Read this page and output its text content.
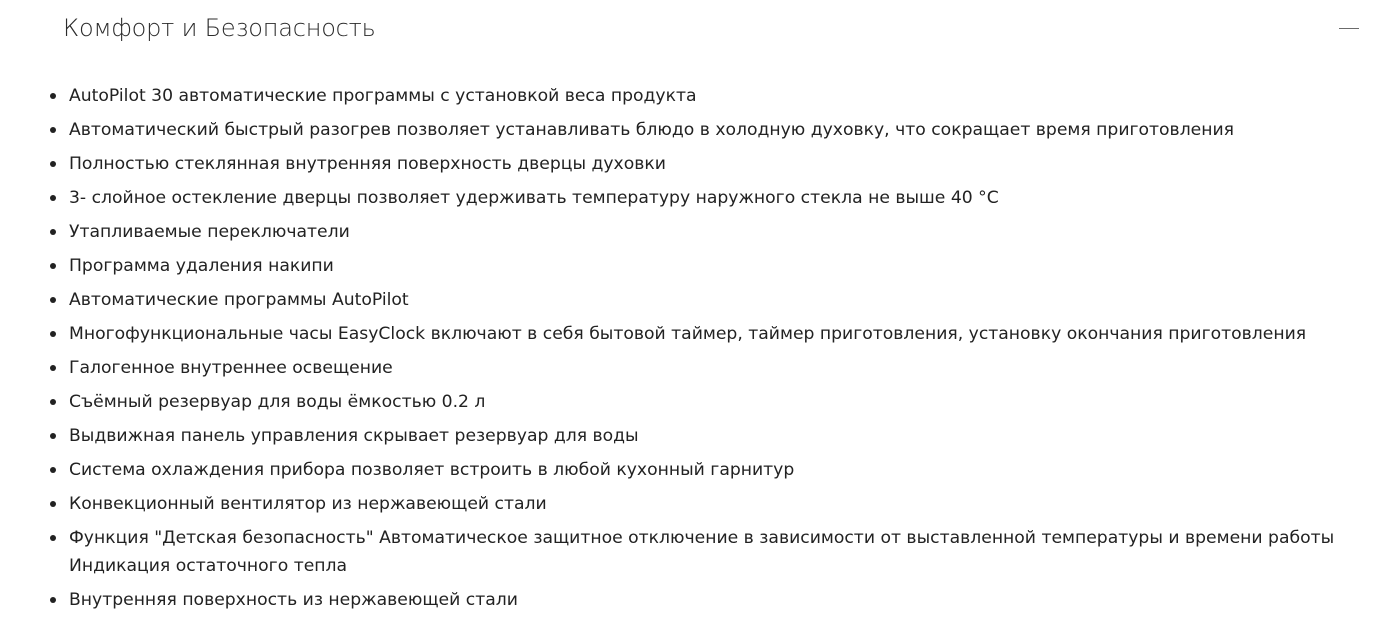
Комфорт и Безопасность
AutoPilot 30 автоматические программы с установкой веса продукта
Автоматический быстрый разогрев позволяет устанавливать блюдо в холодную духовку, что сокращает время приготовления
Полностью стеклянная внутренняя поверхность дверцы духовки
3- слойное остекление дверцы позволяет удерживать температуру наружного стекла не выше 40 °С
Утапливаемые переключатели
Программа удаления накипи
Автоматические программы AutoPilot
Многофункциональные часы EasyClock включают в себя бытовой таймер, таймер приготовления, установку окончания приготовления
Галогенное внутреннее освещение
Съёмный резервуар для воды ёмкостью 0.2 л
Выдвижная панель управления скрывает резервуар для воды
Система охлаждения прибора позволяет встроить в любой кухонный гарнитур
Конвекционный вентилятор из нержавеющей стали
Функция "Детская безопасность" Автоматическое защитное отключение в зависимости от выставленной температуры и времени работы
Индикация остаточного тепла
Внутренняя поверхность из нержавеющей стали
